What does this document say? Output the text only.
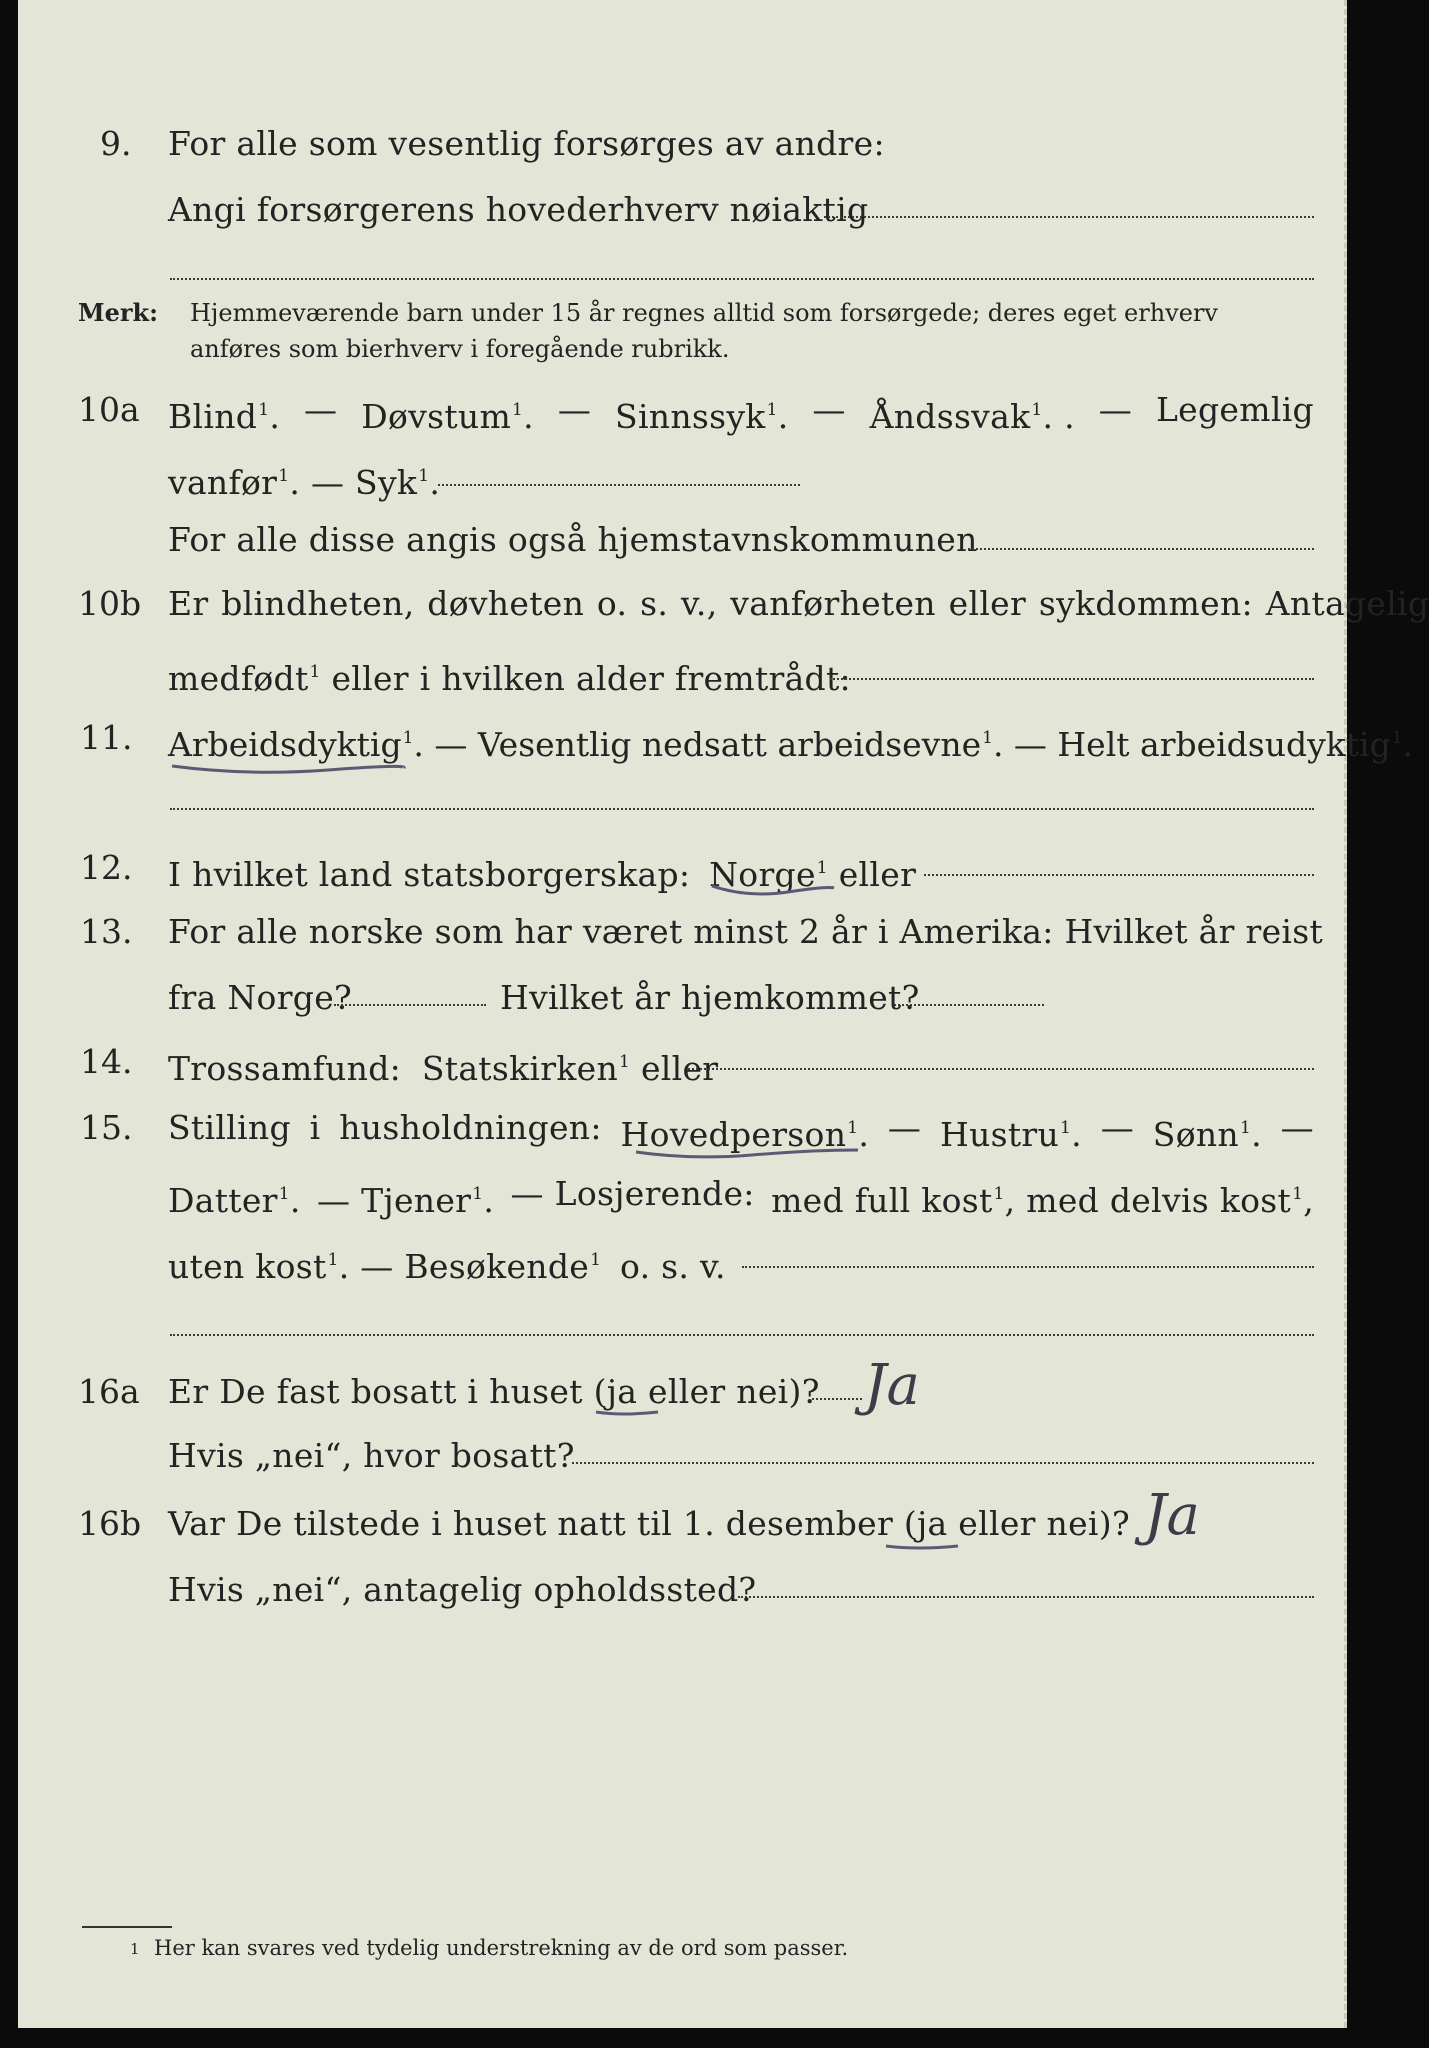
9. For alle som vesentlig forsørges av andre:
Angi forsørgerens hovederhverv nøiaktig
Merk: Hjemmeværende barn under 15 år regnes alltid som forsørgede; deres eget erhverv
anføres som bierhverv i foregående rubrikk.
10a Blind$^1$. — Døvstum$^1$. — Sinnssyk$^1$. — Åndssvak$^1$. . — Legemlig
vanfør$^1$. — Syk$^1$.
For alle disse angis også hjemstavnskommunen
10b Er blindheten, døvheten o. s. v., vanførheten eller sykdommen: Antagelig
medfødt$^1$ eller i hvilken alder fremtrådt:
11. Arbeidsdyktig$^1$. — Vesentlig nedsatt arbeidsevne$^1$. — Helt arbeidsudyktig$^1$.
12. I hvilket land statsborgerskap: Norge$^1$ eller
13. For alle norske som har været minst 2 år i Amerika: Hvilket år reist
fra Norge?	Hvilket år hjemkommet?
14. Trossamfund: Statskirken$^1$ eller
15. Stilling i husholdningen: Hovedperson$^1$. — Hustru$^1$. — Sønn$^1$. —
Datter$^1$. — Tjener$^1$. — Losjerende: med full kost$^1$, med delvis kost$^1$,
uten kost$^1$. — Besøkende$^1$ o. s. v.
16a Er De fast bosatt i huset (ja eller nei)? Ja
Hvis „nei“, hvor bosatt?
16b Var De tilstede i huset natt til 1. desember (ja eller nei)? Ja
Hvis „nei“, antagelig opholdssted?
1 Her kan svares ved tydelig understrekning av de ord som passer.
